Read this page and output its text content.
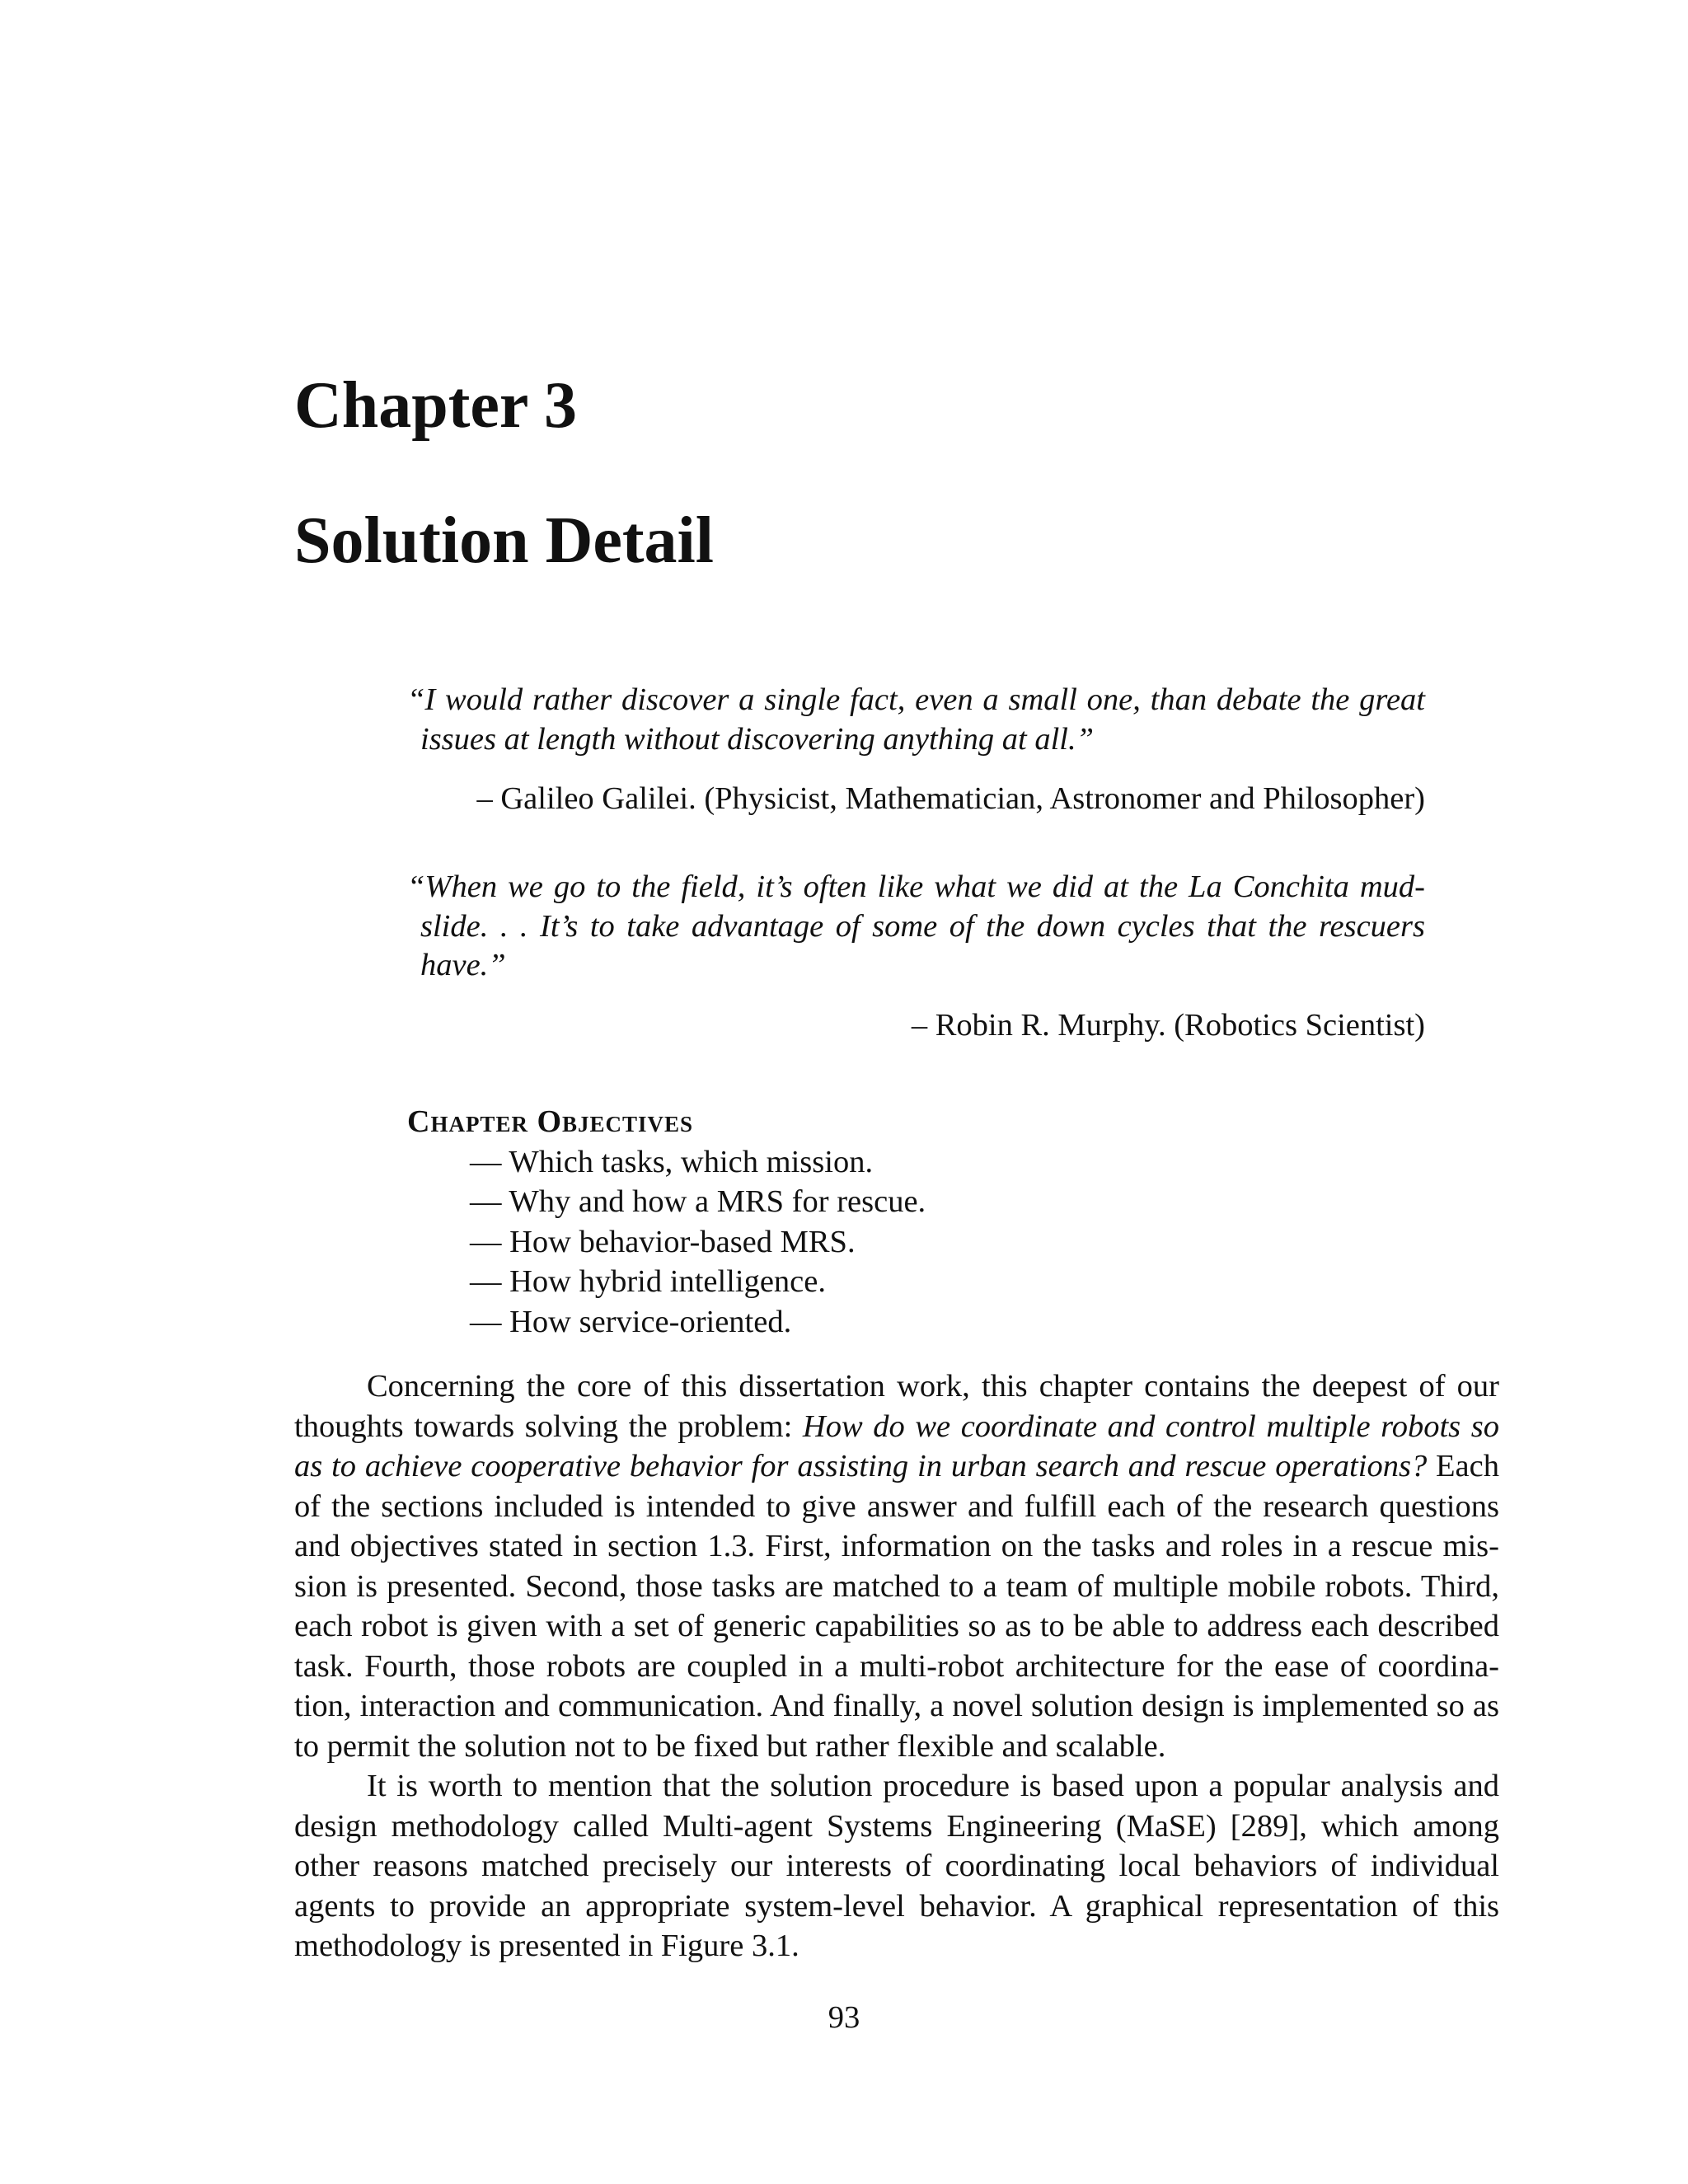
Chapter 3
Solution Detail

“I would rather discover a single fact, even a small one, than debate the great issues at length without discovering anything at all.”

– Galileo Galilei. (Physicist, Mathematician, Astronomer and Philosopher)

“When we go to the field, it’s often like what we did at the La Conchita mudslide. . . It’s to take advantage of some of the down cycles that the rescuers have.”

– Robin R. Murphy. (Robotics Scientist)

Chapter Objectives

— Which tasks, which mission.
— Why and how a MRS for rescue.
— How behavior-based MRS.
— How hybrid intelligence.
— How service-oriented.

Concerning the core of this dissertation work, this chapter contains the deepest of our thoughts towards solving the problem: How do we coordinate and control multiple robots so as to achieve cooperative behavior for assisting in urban search and rescue operations? Each of the sections included is intended to give answer and fulfill each of the research questions and objectives stated in section 1.3. First, information on the tasks and roles in a rescue mission is presented. Second, those tasks are matched to a team of multiple mobile robots. Third, each robot is given with a set of generic capabilities so as to be able to address each described task. Fourth, those robots are coupled in a multi-robot architecture for the ease of coordination, interaction and communication. And finally, a novel solution design is implemented so as to permit the solution not to be fixed but rather flexible and scalable.

It is worth to mention that the solution procedure is based upon a popular analysis and design methodology called Multi-agent Systems Engineering (MaSE) [289], which among other reasons matched precisely our interests of coordinating local behaviors of individual agents to provide an appropriate system-level behavior. A graphical representation of this methodology is presented in Figure 3.1.

93
